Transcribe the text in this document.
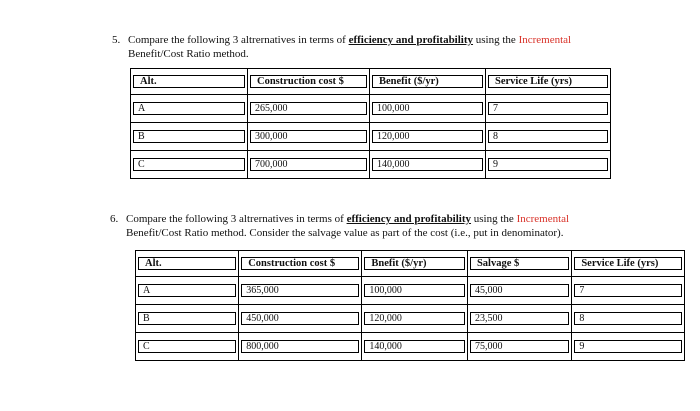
5. Compare the following 3 altrernatives in terms of efficiency and profitability using the Incremental
Benefit/Cost Ratio method.
Alt.	Construction cost $	Benefit ($/yr)	Service Life (yrs)

A	265,000	100,000	7

B	300,000	120,000	8

C	700,000	140,000	9
6. Compare the following 3 altrernatives in terms of efficiency and profitability using the Incremental
Benefit/Cost Ratio method. Consider the salvage value as part of the cost (i.e., put in denominator).
Alt.	Construction cost $	Bnefit ($/yr)	Salvage $	Service Life (yrs)

A	365,000	100,000	45,000	7

B	450,000	120,000	23,500	8

C	800,000	140,000	75,000	9
